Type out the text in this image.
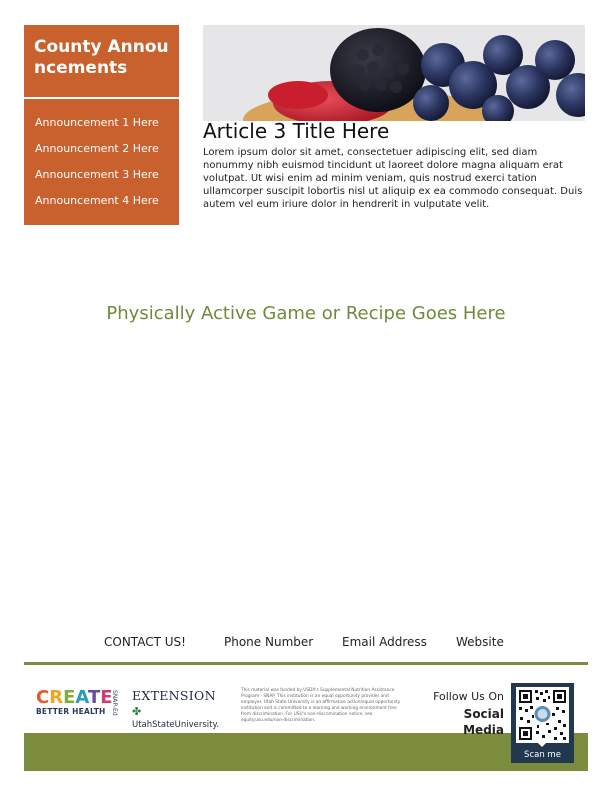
County Announcements
Announcement 1 Here
Announcement 2 Here
Announcement 3 Here
Announcement 4 Here
Article 3 Title Here
Lorem ipsum dolor sit amet, consectetuer adipiscing elit, sed diam nonummy nibh euismod tincidunt ut laoreet dolore magna aliquam erat volutpat. Ut wisi enim ad minim veniam, quis nostrud exerci tation ullamcorper suscipit lobortis nisl ut aliquip ex ea commodo consequat. Duis autem vel eum iriure dolor in hendrerit in vulputate velit.
Physically Active Game or Recipe Goes Here
CONTACT US!	Phone Number Email Address Website
CREATE
BETTER HEALTH SNAP-Ed EXTENSION ✤
UtahStateUniversity.
This material was funded by USDA's Supplemental Nutrition Assistance Program - SNAP. This institution is an equal opportunity provider and employer. Utah State University is an affirmative action/equal opportunity institution and is committed to a learning and working environment free from discrimination. For USU's non-discrimination notice, see equity.usu.edu/non-discrimination.
Follow Us On
Social
Media
Scan me
